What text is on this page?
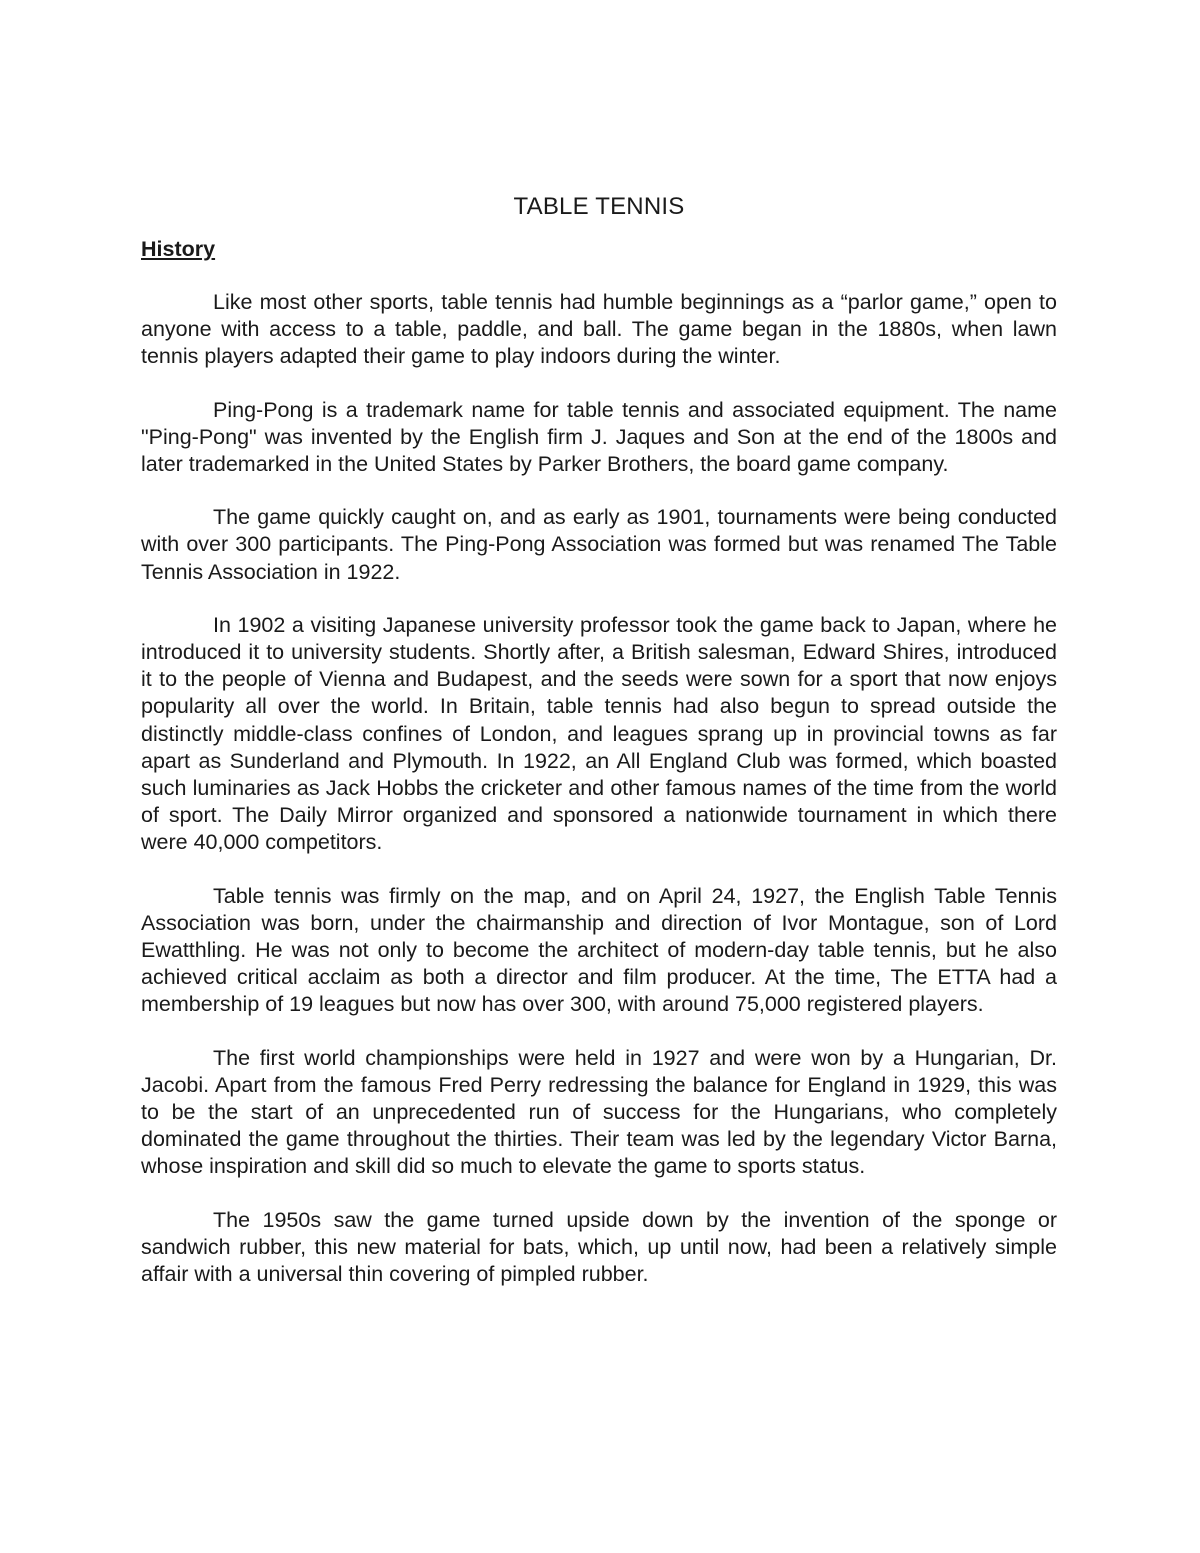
TABLE TENNIS
History

Like most other sports, table tennis had humble beginnings as a “parlor game,” open to anyone with access to a table, paddle, and ball. The game began in the 1880s, when lawn tennis players adapted their game to play indoors during the winter.

Ping-Pong is a trademark name for table tennis and associated equipment. The name "Ping-Pong" was invented by the English firm J. Jaques and Son at the end of the 1800s and later trademarked in the United States by Parker Brothers, the board game company.

The game quickly caught on, and as early as 1901, tournaments were being conducted with over 300 participants. The Ping-Pong Association was formed but was renamed The Table Tennis Association in 1922.

In 1902 a visiting Japanese university professor took the game back to Japan, where he introduced it to university students. Shortly after, a British salesman, Edward Shires, introduced it to the people of Vienna and Budapest, and the seeds were sown for a sport that now enjoys popularity all over the world. In Britain, table tennis had also begun to spread outside the distinctly middle-class confines of London, and leagues sprang up in provincial towns as far apart as Sunderland and Plymouth. In 1922, an All England Club was formed, which boasted such luminaries as Jack Hobbs the cricketer and other famous names of the time from the world of sport. The Daily Mirror organized and sponsored a nationwide tournament in which there were 40,000 competitors.

Table tennis was firmly on the map, and on April 24, 1927, the English Table Tennis Association was born, under the chairmanship and direction of Ivor Montague, son of Lord Ewatthling. He was not only to become the architect of modern-day table tennis, but he also achieved critical acclaim as both a director and film producer. At the time, The ETTA had a membership of 19 leagues but now has over 300, with around 75,000 registered players.

The first world championships were held in 1927 and were won by a Hungarian, Dr. Jacobi. Apart from the famous Fred Perry redressing the balance for England in 1929, this was to be the start of an unprecedented run of success for the Hungarians, who completely dominated the game throughout the thirties. Their team was led by the legendary Victor Barna, whose inspiration and skill did so much to elevate the game to sports status.

The 1950s saw the game turned upside down by the invention of the sponge or sandwich rubber, this new material for bats, which, up until now, had been a relatively simple affair with a universal thin covering of pimpled rubber.
